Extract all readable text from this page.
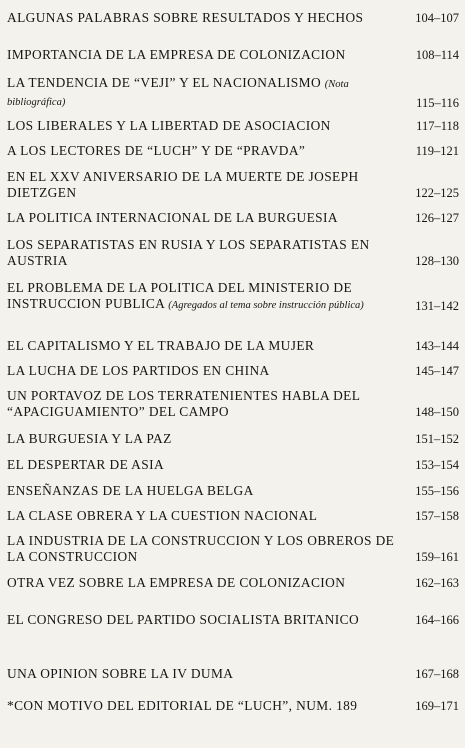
ALGUNAS PALABRAS SOBRE RESULTADOS Y HECHOS	104–107
IMPORTANCIA DE LA EMPRESA DE COLONIZACION	108–114
LA TENDENCIA DE “VEJI” Y EL NACIONALISMO (Nota bibliográfica)	115–116
LOS LIBERALES Y LA LIBERTAD DE ASOCIACION	117–118
A LOS LECTORES DE “LUCH” Y DE “PRAVDA”	119–121
EN EL XXV ANIVERSARIO DE LA MUERTE DE JOSEPH DIETZGEN	122–125
LA POLITICA INTERNACIONAL DE LA BURGUESIA	126–127
LOS SEPARATISTAS EN RUSIA Y LOS SEPARATISTAS EN AUSTRIA	128–130
EL PROBLEMA DE LA POLITICA DEL MINISTERIO DE INSTRUCCION PUBLICA (Agregados al tema sobre instrucción pública)	131–142
EL CAPITALISMO Y EL TRABAJO DE LA MUJER	143–144
LA LUCHA DE LOS PARTIDOS EN CHINA	145–147
UN PORTAVOZ DE LOS TERRATENIENTES HABLA DEL “APACIGUAMIENTO” DEL CAMPO	148–150
LA BURGUESIA Y LA PAZ	151–152
EL DESPERTAR DE ASIA	153–154
ENSEÑANZAS DE LA HUELGA BELGA	155–156
LA CLASE OBRERA Y LA CUESTION NACIONAL	157–158
LA INDUSTRIA DE LA CONSTRUCCION Y LOS OBREROS DE LA CONSTRUCCION	159–161
OTRA VEZ SOBRE LA EMPRESA DE COLONIZACION	162–163
EL CONGRESO DEL PARTIDO SOCIALISTA BRITANICO	164–166
UNA OPINION SOBRE LA IV DUMA	167–168
*CON MOTIVO DEL EDITORIAL DE “LUCH”, NUM. 189	169–171
